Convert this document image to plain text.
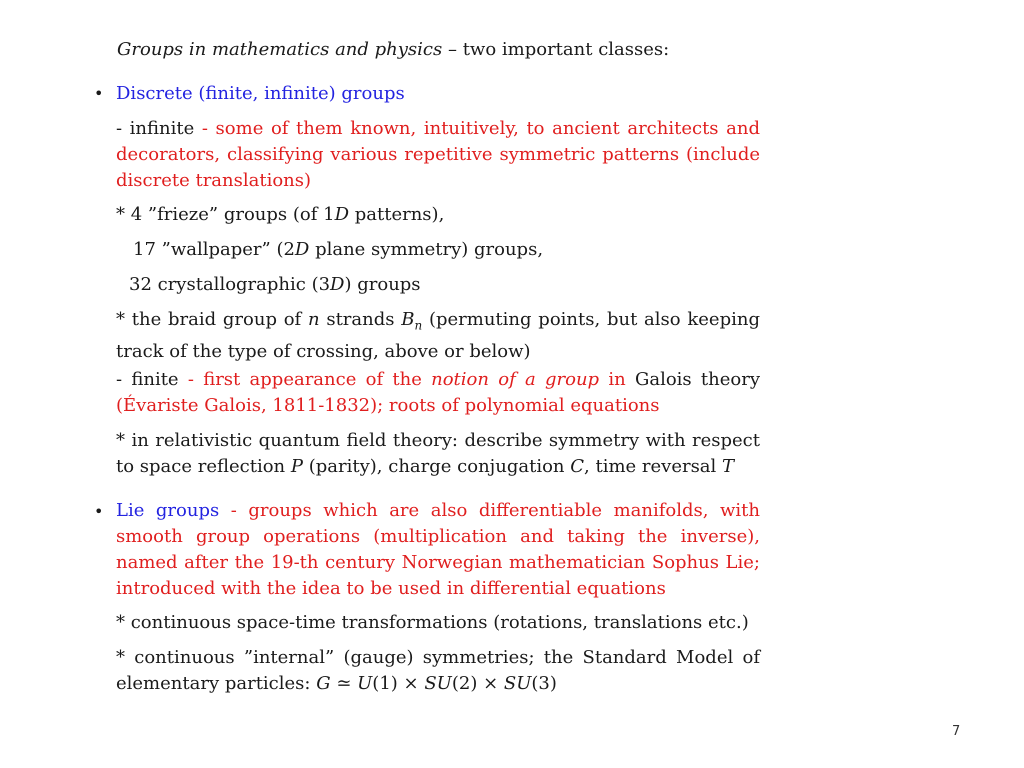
Groups in mathematics and physics – two important classes:
• Discrete (finite, infinite) groups
- infinite - some of them known, intuitively, to ancient architects and decorators, classifying various repetitive symmetric patterns (include discrete translations)
* 4 ”frieze” groups (of 1D patterns),
17 ”wallpaper” (2D plane symmetry) groups,
32 crystallographic (3D) groups
* the braid group of n strands $B_n$ (permuting points, but also keeping track of the type of crossing, above or below)
- finite - first appearance of the notion of a group in Galois theory (Évariste Galois, 1811-1832); roots of polynomial equations
* in relativistic quantum field theory: describe symmetry with respect to space reflection P (parity), charge conjugation C, time reversal T
• Lie groups - groups which are also differentiable manifolds, with smooth group operations (multiplication and taking the inverse), named after the 19-th century Norwegian mathematician Sophus Lie; introduced with the idea to be used in differential equations
* continuous space-time transformations (rotations, translations etc.)
* continuous ”internal” (gauge) symmetries; the Standard Model of elementary particles: G ≃ U(1) × SU(2) × SU(3)
7
